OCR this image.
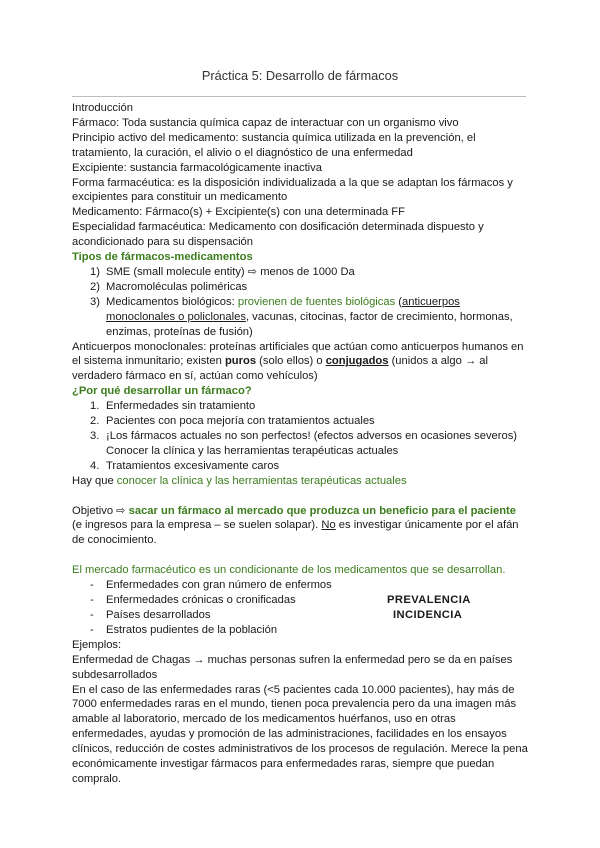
Práctica 5: Desarrollo de fármacos

Introducción

Fármaco: Toda sustancia química capaz de interactuar con un organismo vivo

Principio activo del medicamento: sustancia química utilizada en la prevención, el tratamiento, la curación, el alivio o el diagnóstico de una enfermedad

Excipiente: sustancia farmacológicamente inactiva

Forma farmacéutica: es la disposición individualizada a la que se adaptan los fármacos y excipientes para constituir un medicamento

Medicamento: Fármaco(s) + Excipiente(s) con una determinada FF

Especialidad farmacéutica: Medicamento con dosificación determinada dispuesto y acondicionado para su dispensación

Tipos de fármacos-medicamentos

1) SME (small molecule entity) ⇨ menos de 1000 Da
2) Macromoléculas poliméricas
3) Medicamentos biológicos: provienen de fuentes biológicas (anticuerpos monoclonales o policlonales, vacunas, citocinas, factor de crecimiento, hormonas, enzimas, proteínas de fusión)

Anticuerpos monoclonales: proteínas artificiales que actúan como anticuerpos humanos en el sistema inmunitario; existen puros (solo ellos) o conjugados (unidos a algo → al verdadero fármaco en sí, actúan como vehículos)

¿Por qué desarrollar un fármaco?

1. Enfermedades sin tratamiento
2. Pacientes con poca mejoría con tratamientos actuales
3. ¡Los fármacos actuales no son perfectos! (efectos adversos en ocasiones severos) Conocer la clínica y las herramientas terapéuticas actuales
4. Tratamientos excesivamente caros

Hay que conocer la clínica y las herramientas terapéuticas actuales

Objetivo ⇨ sacar un fármaco al mercado que produzca un beneficio para el paciente (e ingresos para la empresa – se suelen solapar). No es investigar únicamente por el afán de conocimiento.

El mercado farmacéutico es un condicionante de los medicamentos que se desarrollan.

- Enfermedades con gran número de enfermos
- Enfermedades crónicas o cronificadas
- Países desarrollados
- Estratos pudientes de la población
PREVALENCIA
INCIDENCIA

Ejemplos:

Enfermedad de Chagas → muchas personas sufren la enfermedad pero se da en países subdesarrollados

En el caso de las enfermedades raras (<5 pacientes cada 10.000 pacientes), hay más de 7000 enfermedades raras en el mundo, tienen poca prevalencia pero da una imagen más amable al laboratorio, mercado de los medicamentos huérfanos, uso en otras enfermedades, ayudas y promoción de las administraciones, facilidades en los ensayos clínicos, reducción de costes administrativos de los procesos de regulación. Merece la pena económicamente investigar fármacos para enfermedades raras, siempre que puedan compralo.
